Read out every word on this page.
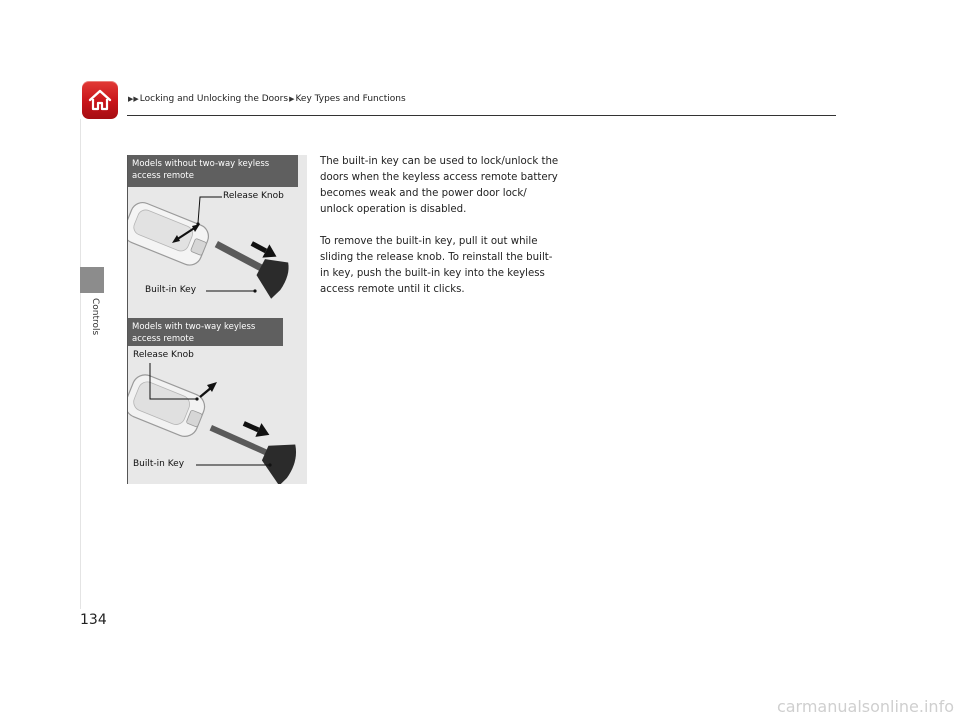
▶▶ Locking and Unlocking the Doors ▶ Key Types and Functions
Controls
134
Models without two-way keyless access remote
Release Knob
Built-in Key
Models with two-way keyless access remote
Release Knob
Built-in Key

The built-in key can be used to lock/unlock the doors when the keyless access remote battery becomes weak and the power door lock/ unlock operation is disabled.

To remove the built-in key, pull it out while sliding the release knob. To reinstall the built-in key, push the built-in key into the keyless access remote until it clicks.

carmanualsonline.info
